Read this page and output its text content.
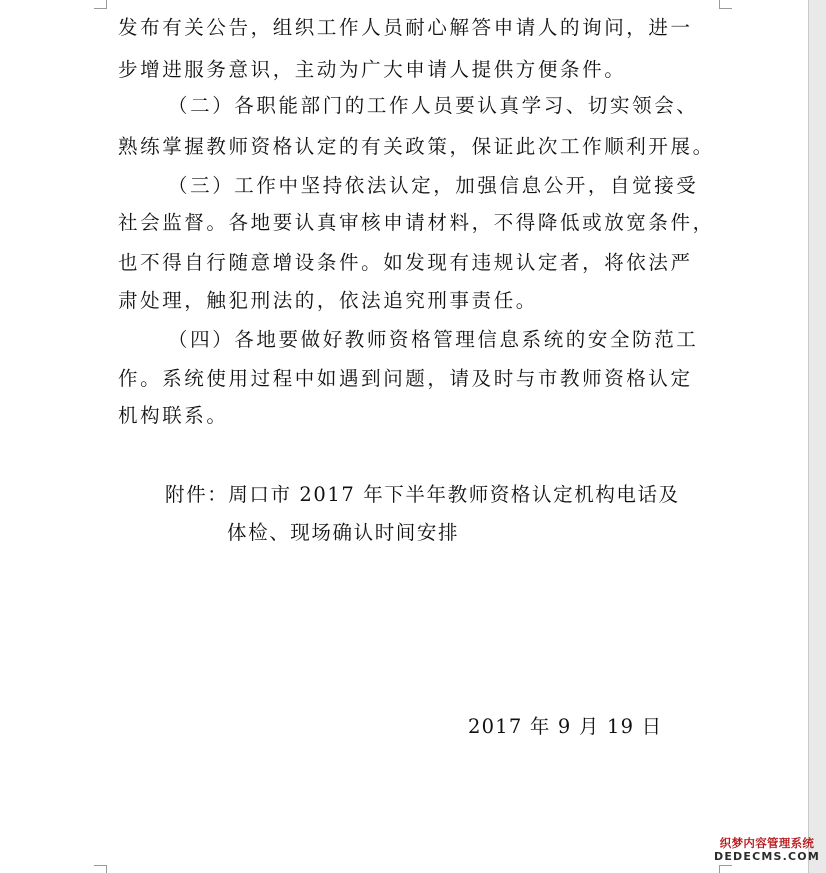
发布有关公告，组织工作人员耐心解答申请人的询问，进一
步增进服务意识，主动为广大申请人提供方便条件。
（二）各职能部门的工作人员要认真学习、切实领会、
熟练掌握教师资格认定的有关政策，保证此次工作顺利开展。
（三）工作中坚持依法认定，加强信息公开，自觉接受
社会监督。各地要认真审核申请材料，不得降低或放宽条件，
也不得自行随意增设条件。如发现有违规认定者，将依法严
肃处理，触犯刑法的，依法追究刑事责任。
（四）各地要做好教师资格管理信息系统的安全防范工
作。系统使用过程中如遇到问题，请及时与市教师资格认定
机构联系。
附件：周口市 2017 年下半年教师资格认定机构电话及
体检、现场确认时间安排
2017 年 9 月 19 日
织梦内容管理系统
DEDECMS.COM
